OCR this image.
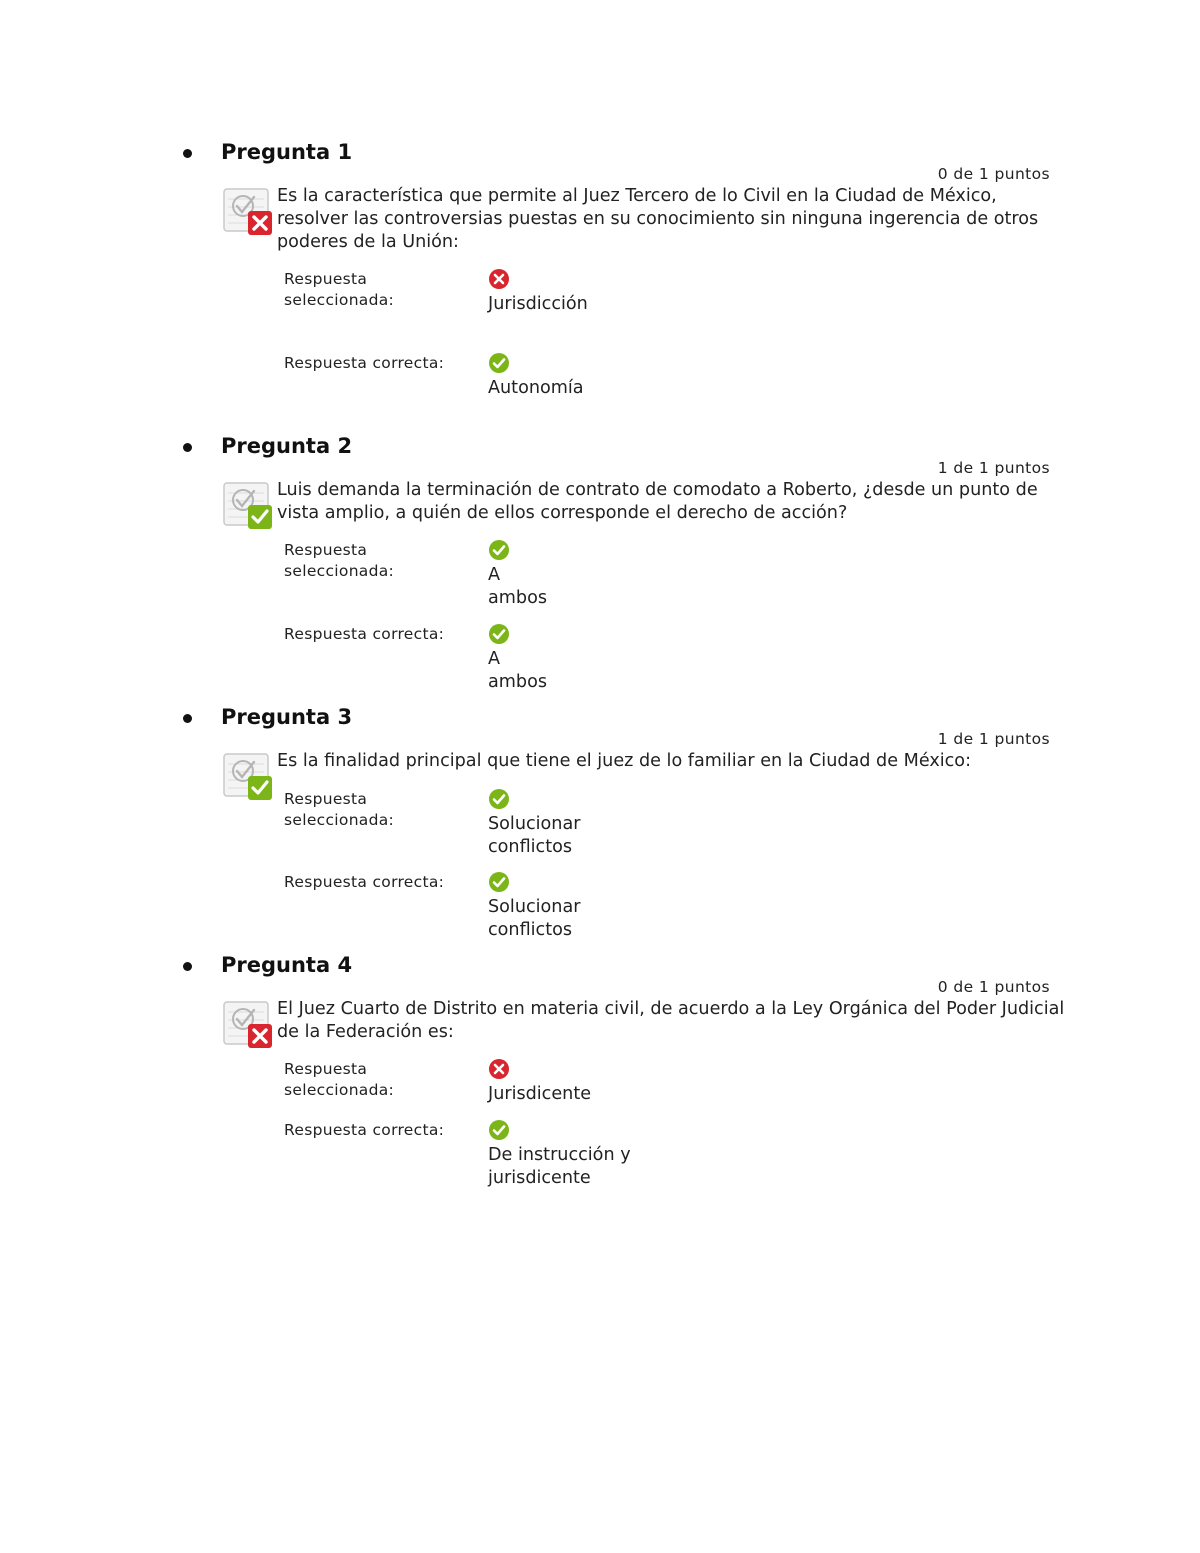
Pregunta 1
0 de 1 puntos
Es la característica que permite al Juez Tercero de lo Civil en la Ciudad de México, resolver las controversias puestas en su conocimiento sin ninguna ingerencia de otros poderes de la Unión:
Respuesta seleccionada:	Jurisdicción
Respuesta correcta:
Autonomía
Pregunta 2
1 de 1 puntos
Luis demanda la terminación de contrato de comodato a Roberto, ¿desde un punto de vista amplio, a quién de ellos corresponde el derecho de acción?
Respuesta seleccionada:	A ambos
Respuesta correcta:
A ambos
Pregunta 3
1 de 1 puntos
Es la finalidad principal que tiene el juez de lo familiar en la Ciudad de México:
Respuesta seleccionada:	Solucionar conflictos
Respuesta correcta:
Solucionar conflictos
Pregunta 4
0 de 1 puntos
El Juez Cuarto de Distrito en materia civil, de acuerdo a la Ley Orgánica del Poder Judicial de la Federación es:
Respuesta seleccionada:	Jurisdicente
Respuesta correcta:
De instrucción y jurisdicente
